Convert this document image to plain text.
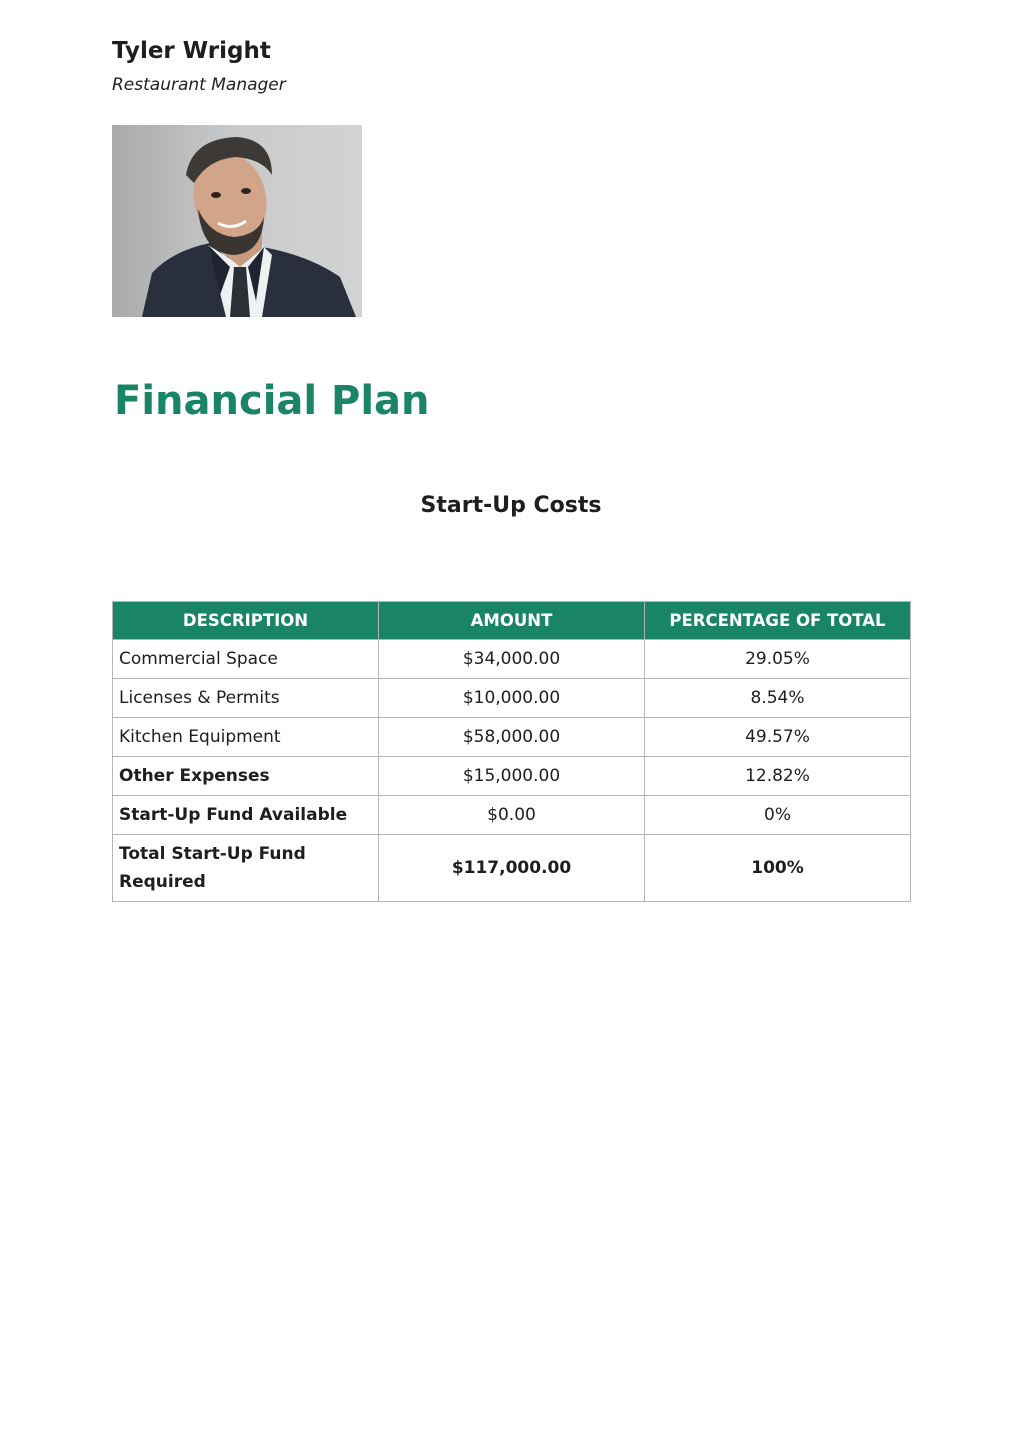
Tyler Wright
Restaurant Manager
Financial Plan
Start-Up Costs
DESCRIPTION	AMOUNT	PERCENTAGE OF TOTAL
Commercial Space	$34,000.00	29.05%
Licenses & Permits	$10,000.00	8.54%
Kitchen Equipment	$58,000.00	49.57%
Other Expenses	$15,000.00	12.82%
Start-Up Fund Available	$0.00	0%
Total Start-Up Fund Required	$117,000.00	100%
